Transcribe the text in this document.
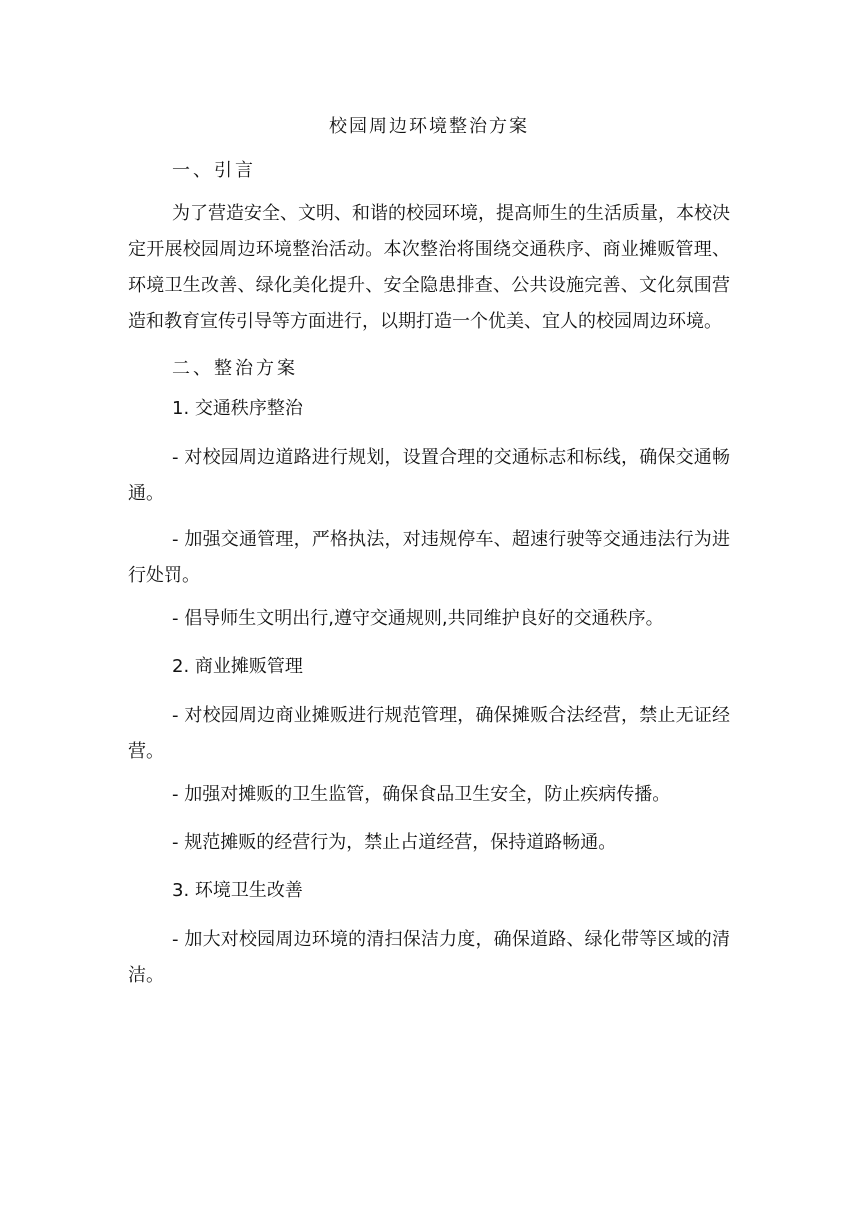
校园周边环境整治方案
一、引言

为了营造安全、文明、和谐的校园环境，提高师生的生活质量，本校决定开展校园周边环境整治活动。本次整治将围绕交通秩序、商业摊贩管理、环境卫生改善、绿化美化提升、安全隐患排查、公共设施完善、文化氛围营造和教育宣传引导等方面进行，以期打造一个优美、宜人的校园周边环境。

二、整治方案
1. 交通秩序整治

- 对校园周边道路进行规划，设置合理的交通标志和标线，确保交通畅通。

- 加强交通管理，严格执法，对违规停车、超速行驶等交通违法行为进行处罚。

- 倡导师生文明出行,遵守交通规则,共同维护良好的交通秩序。

2. 商业摊贩管理

- 对校园周边商业摊贩进行规范管理，确保摊贩合法经营，禁止无证经营。

- 加强对摊贩的卫生监管，确保食品卫生安全，防止疾病传播。

- 规范摊贩的经营行为，禁止占道经营，保持道路畅通。

3. 环境卫生改善

- 加大对校园周边环境的清扫保洁力度，确保道路、绿化带等区域的清洁。
